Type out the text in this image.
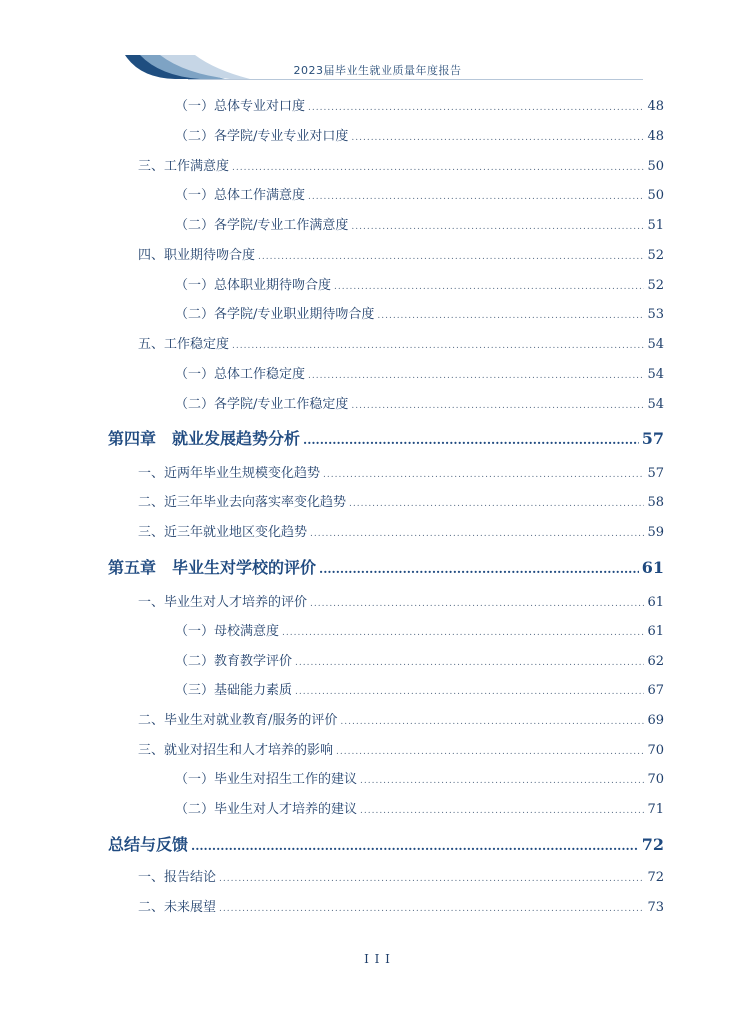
2023届毕业生就业质量年度报告
（一）总体专业对口度 .....	48
（二）各学院/专业专业对口度 .....	48
三、工作满意度 .....	50
（一）总体工作满意度 .....	50
（二）各学院/专业工作满意度 .....	51
四、职业期待吻合度 .....	52
（一）总体职业期待吻合度 .....	52
（二）各学院/专业职业期待吻合度 .....	53
五、工作稳定度 .....	54
（一）总体工作稳定度 .....	54
（二）各学院/专业工作稳定度 .....	54
第四章　就业发展趋势分析 .....	57
一、近两年毕业生规模变化趋势 .....	57
二、近三年毕业去向落实率变化趋势 .....	58
三、近三年就业地区变化趋势 .....	59
第五章　毕业生对学校的评价 .....	61
一、毕业生对人才培养的评价 .....	61
（一）母校满意度 .....	61
（二）教育教学评价 .....	62
（三）基础能力素质 .....	67
二、毕业生对就业教育/服务的评价 .....	69
三、就业对招生和人才培养的影响 .....	70
（一）毕业生对招生工作的建议 .....	70
（二）毕业生对人才培养的建议 .....	71
总结与反馈 .....	72
一、报告结论 .....	72
二、未来展望 .....	73
I I I
